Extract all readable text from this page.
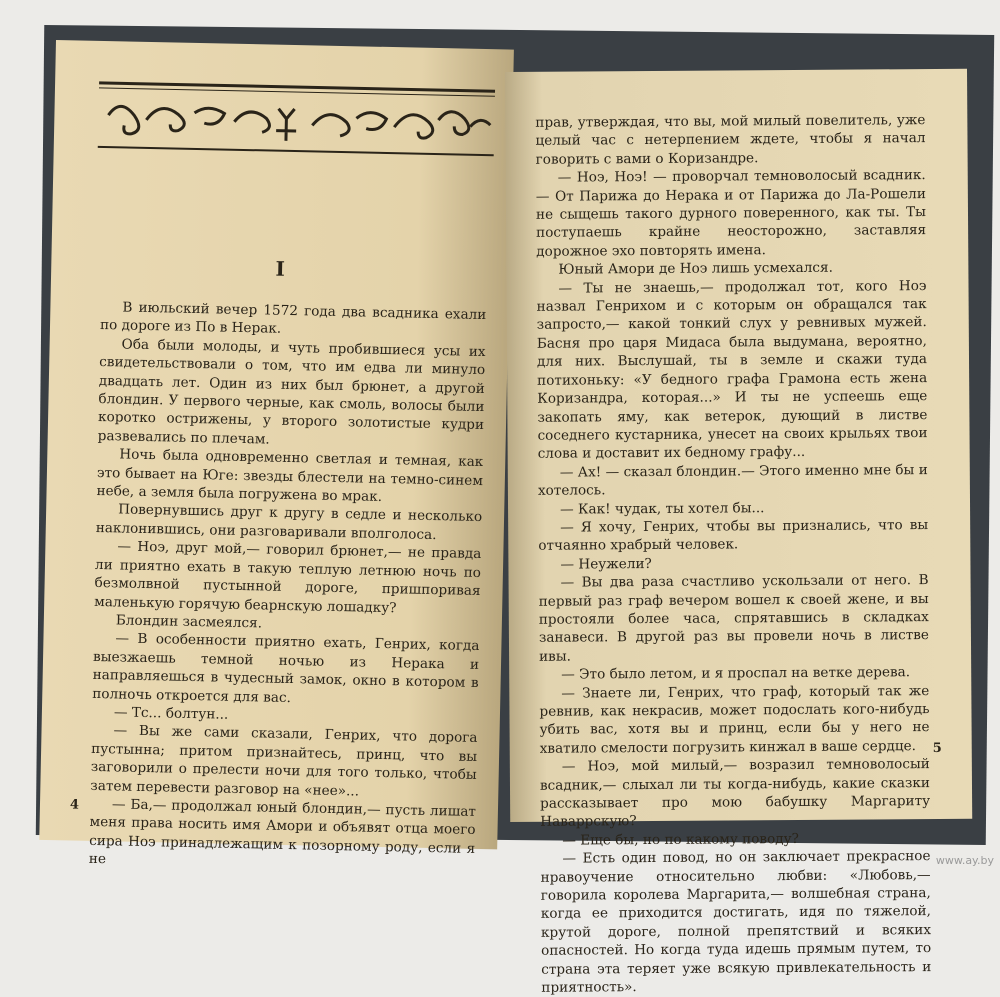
I

В июльский вечер 1572 года два всадника ехали по дороге из По в Нерак.

Оба были молоды, и чуть пробившиеся усы их свидетельствовали о том, что им едва ли минуло двадцать лет. Один из них был брюнет, а другой блондин. У первого черные, как смоль, волосы были коротко острижены, у второго золотистые кудри развевались по плечам.

Ночь была одновременно светлая и темная, как это бывает на Юге: звезды блестели на темно-синем небе, а земля была погружена во мрак.

Повернувшись друг к другу в седле и несколько наклонившись, они разговаривали вполголоса.

— Ноэ, друг мой,— говорил брюнет,— не правда ли приятно ехать в такую теплую летнюю ночь по безмолвной пустынной дороге, пришпоривая маленькую горячую беарнскую лошадку?

Блондин засмеялся.

— В особенности приятно ехать, Генрих, когда выезжаешь темной ночью из Нерака и направляешься в чудесный замок, окно в котором в полночь откроется для вас.

— Тс... болтун...

— Вы же сами сказали, Генрих, что дорога пустынна; притом признайтесь, принц, что вы заговорили о прелести ночи для того только, чтобы затем перевести разговор на «нее»...

— Ба,— продолжал юный блондин,— пусть лишат меня права носить имя Амори и объявят отца моего сира Ноэ принадлежащим к позорному роду, если я не

4

прав, утверждая, что вы, мой милый повелитель, уже целый час с нетерпением ждете, чтобы я начал говорить с вами о Коризандре.

— Ноэ, Ноэ! — проворчал темноволосый всадник.— От Парижа до Нерака и от Парижа до Ла-Рошели не сыщешь такого дурного поверенного, как ты. Ты поступаешь крайне неосторожно, заставляя дорожное эхо повторять имена.

Юный Амори де Ноэ лишь усмехался.

— Ты не знаешь,— продолжал тот, кого Ноэ назвал Генрихом и с которым он обращался так запросто,— какой тонкий слух у ревнивых мужей. Басня про царя Мидаса была выдумана, вероятно, для них. Выслушай, ты в земле и скажи туда потихоньку: «У бедного графа Грамона есть жена Коризандра, которая...» И ты не успеешь еще закопать яму, как ветерок, дующий в листве соседнего кустарника, унесет на своих крыльях твои слова и доставит их бедному графу...

— Ах! — сказал блондин.— Этого именно мне бы и хотелось.

— Как! чудак, ты хотел бы...

— Я хочу, Генрих, чтобы вы признались, что вы отчаянно храбрый человек.

— Неужели?

— Вы два раза счастливо ускользали от него. В первый раз граф вечером вошел к своей жене, и вы простояли более часа, спрятавшись в складках занавеси. В другой раз вы провели ночь в листве ивы.

— Это было летом, и я проспал на ветке дерева.

— Знаете ли, Генрих, что граф, который так же ревнив, как некрасив, может подослать кого-нибудь убить вас, хотя вы и принц, если бы у него не хватило смелости погрузить кинжал в ваше сердце.

— Ноэ, мой милый,— возразил темноволосый всадник,— слыхал ли ты когда-нибудь, какие сказки рассказывает про мою бабушку Маргариту Наваррскую?

— Еще бы, но по какому поводу?

— Есть один повод, но он заключает прекрасное нравоучение относительно любви: «Любовь,— говорила королева Маргарита,— волшебная страна, когда ее приходится достигать, идя по тяжелой, крутой дороге, полной препятствий и всяких опасностей. Но когда туда идешь прямым путем, то страна эта теряет уже всякую привлекательность и приятность».

5
www.ay.by
